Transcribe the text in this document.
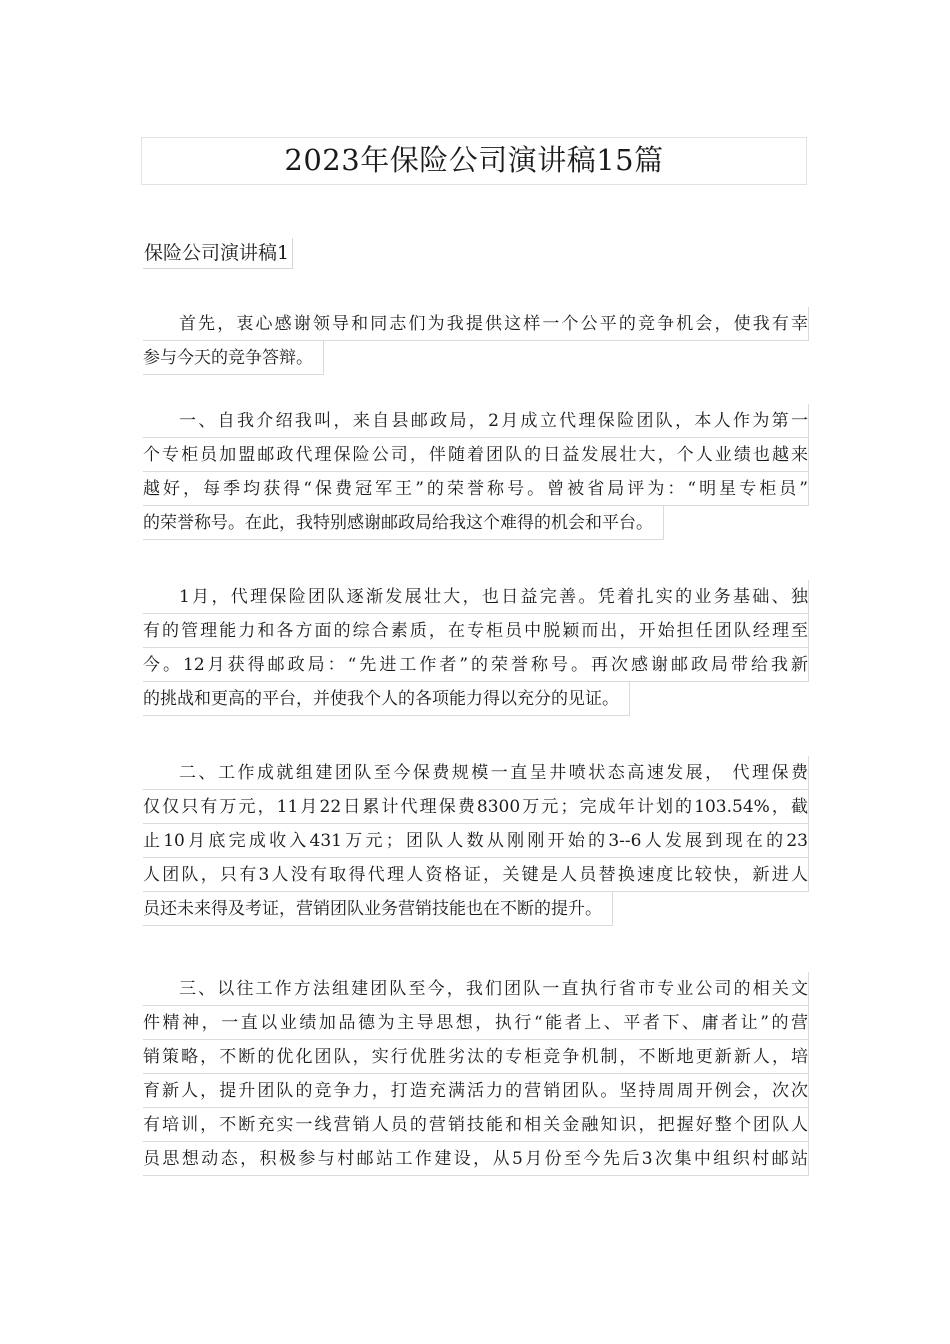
2023年保险公司演讲稿15篇
保险公司演讲稿1
首先，衷心感谢领导和同志们为我提供这样一个公平的竞争机会，使我有幸
参与今天的竞争答辩。
一、自我介绍我叫，来自县邮政局，2月成立代理保险团队，本人作为第一
个专柜员加盟邮政代理保险公司，伴随着团队的日益发展壮大，个人业绩也越来
越好，每季均获得“保费冠军王”的荣誉称号。曾被省局评为：“明星专柜员”
的荣誉称号。在此，我特别感谢邮政局给我这个难得的机会和平台。
1月，代理保险团队逐渐发展壮大，也日益完善。凭着扎实的业务基础、独
有的管理能力和各方面的综合素质，在专柜员中脱颖而出，开始担任团队经理至
今。12月获得邮政局：“先进工作者”的荣誉称号。再次感谢邮政局带给我新
的挑战和更高的平台，并使我个人的各项能力得以充分的见证。
二、工作成就组建团队至今保费规模一直呈井喷状态高速发展， 代理保费
仅仅只有万元，11月22日累计代理保费8300万元；完成年计划的103.54%，截
止10月底完成收入431万元；团队人数从刚刚开始的3--6人发展到现在的23
人团队，只有3人没有取得代理人资格证，关键是人员替换速度比较快，新进人
员还未来得及考证，营销团队业务营销技能也在不断的提升。
三、以往工作方法组建团队至今，我们团队一直执行省市专业公司的相关文
件精神，一直以业绩加品德为主导思想，执行“能者上、平者下、庸者让”的营
销策略，不断的优化团队，实行优胜劣汰的专柜竞争机制，不断地更新新人，培
育新人，提升团队的竞争力，打造充满活力的营销团队。坚持周周开例会，次次
有培训，不断充实一线营销人员的营销技能和相关金融知识，把握好整个团队人
员思想动态，积极参与村邮站工作建设，从5月份至今先后3次集中组织村邮站
